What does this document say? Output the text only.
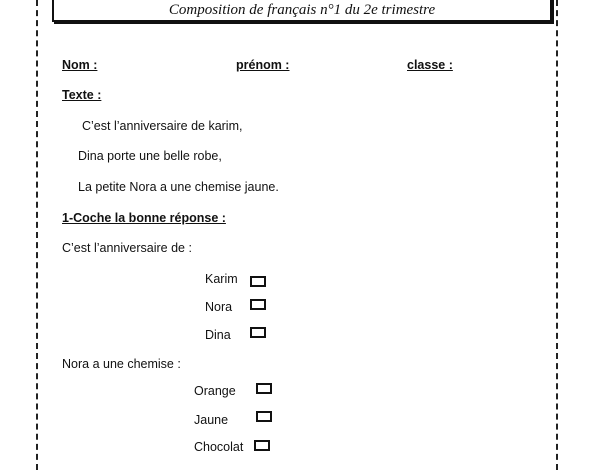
Composition de français n°1 du 2e trimestre
Nom :	prénom :	classe :
Texte :
C’est l’anniversaire de karim,
Dina porte une belle robe,
La petite Nora a une chemise jaune.
1-Coche la bonne réponse :
C’est l’anniversaire de :
Karim
Nora
Dina
Nora a une chemise :
Orange
Jaune
Chocolat
